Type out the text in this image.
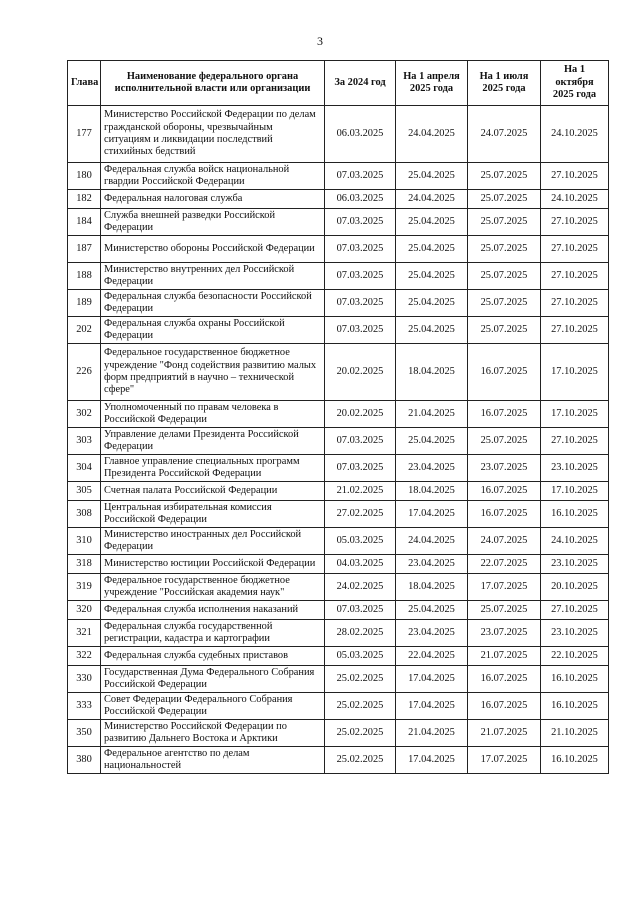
3
Глава	Наименование федерального органа исполнительной власти или организации	За 2024 год	На 1 апреля 2025 года	На 1 июля 2025 года	На 1 октября 2025 года
177	Министерство Российской Федерации по делам гражданской обороны, чрезвычайным ситуациям и ликвидации последствий стихийных бедствий	06.03.2025	24.04.2025	24.07.2025	24.10.2025
180	Федеральная служба войск национальной гвардии Российской Федерации	07.03.2025	25.04.2025	25.07.2025	27.10.2025
182	Федеральная налоговая служба	06.03.2025	24.04.2025	25.07.2025	24.10.2025
184	Служба внешней разведки Российской Федерации	07.03.2025	25.04.2025	25.07.2025	27.10.2025
187	Министерство обороны Российской Федерации	07.03.2025	25.04.2025	25.07.2025	27.10.2025
188	Министерство внутренних дел Российской Федерации	07.03.2025	25.04.2025	25.07.2025	27.10.2025
189	Федеральная служба безопасности Российской Федерации	07.03.2025	25.04.2025	25.07.2025	27.10.2025
202	Федеральная служба охраны Российской Федерации	07.03.2025	25.04.2025	25.07.2025	27.10.2025
226	Федеральное государственное бюджетное учреждение "Фонд содействия развитию малых форм предприятий в научно – технической сфере"	20.02.2025	18.04.2025	16.07.2025	17.10.2025
302	Уполномоченный по правам человека в Российской Федерации	20.02.2025	21.04.2025	16.07.2025	17.10.2025
303	Управление делами Президента Российской Федерации	07.03.2025	25.04.2025	25.07.2025	27.10.2025
304	Главное управление специальных программ Президента Российской Федерации	07.03.2025	23.04.2025	23.07.2025	23.10.2025
305	Счетная палата Российской Федерации	21.02.2025	18.04.2025	16.07.2025	17.10.2025
308	Центральная избирательная комиссия Российской Федерации	27.02.2025	17.04.2025	16.07.2025	16.10.2025
310	Министерство иностранных дел Российской Федерации	05.03.2025	24.04.2025	24.07.2025	24.10.2025
318	Министерство юстиции Российской Федерации	04.03.2025	23.04.2025	22.07.2025	23.10.2025
319	Федеральное государственное бюджетное учреждение "Российская академия наук"	24.02.2025	18.04.2025	17.07.2025	20.10.2025
320	Федеральная служба исполнения наказаний	07.03.2025	25.04.2025	25.07.2025	27.10.2025
321	Федеральная служба государственной регистрации, кадастра и картографии	28.02.2025	23.04.2025	23.07.2025	23.10.2025
322	Федеральная служба судебных приставов	05.03.2025	22.04.2025	21.07.2025	22.10.2025
330	Государственная Дума Федерального Собрания Российской Федерации	25.02.2025	17.04.2025	16.07.2025	16.10.2025
333	Совет Федерации Федерального Собрания Российской Федерации	25.02.2025	17.04.2025	16.07.2025	16.10.2025
350	Министерство Российской Федерации по развитию Дальнего Востока и Арктики	25.02.2025	21.04.2025	21.07.2025	21.10.2025
380	Федеральное агентство по делам национальностей	25.02.2025	17.04.2025	17.07.2025	16.10.2025
